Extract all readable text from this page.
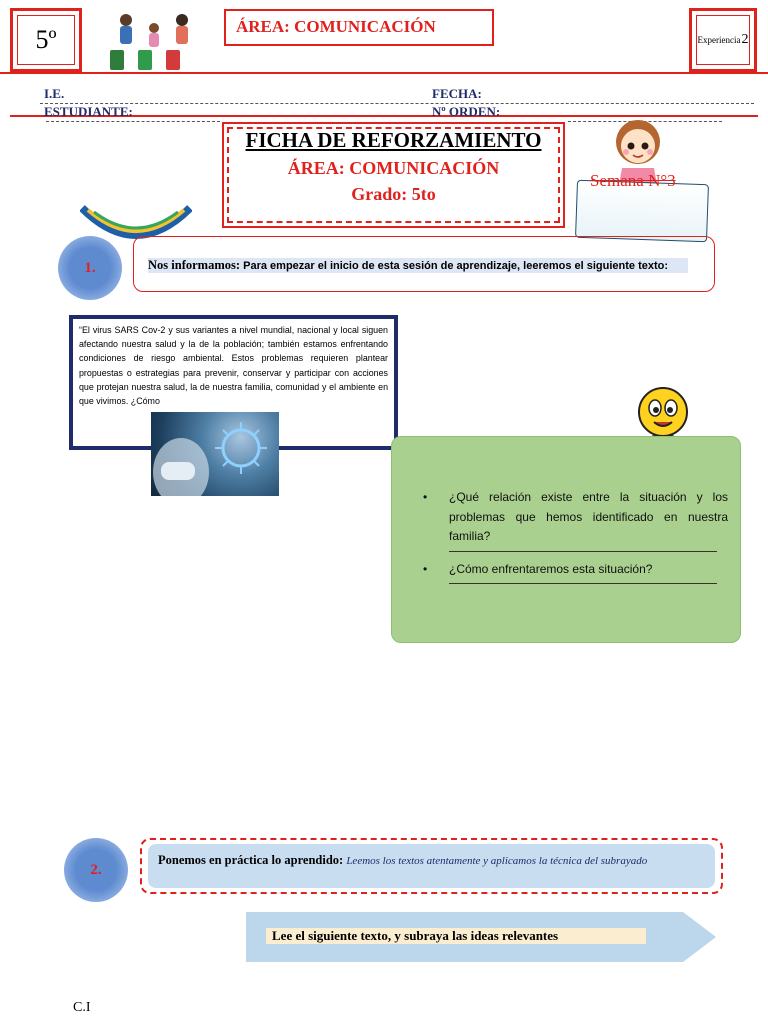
5º	ÁREA: COMUNICACIÓN
Experiencia 2
I.E.	FECHA:
ESTUDIANTE:	Nº ORDEN:
FICHA DE REFORZAMIENTO
ÁREA: COMUNICACIÓN
Grado: 5to
Semana N°3
1.	Nos informamos: Para empezar el inicio de esta sesión de aprendizaje, leeremos el siguiente texto:
“El virus SARS Cov-2 y sus variantes a nivel mundial, nacional y local siguen afectando nuestra salud y la de la población; también estamos enfrentando condiciones de riesgo ambiental. Estos problemas requieren plantear propuestas o estrategias para prevenir, conservar y participar con acciones que protejan nuestra salud, la de nuestra familia, comunidad y el ambiente en que vivimos. ¿Cómo
• ¿Qué relación existe entre la situación y los problemas que hemos identificado en nuestra familia?
• ¿Cómo enfrentaremos esta situación?
2.
Ponemos en práctica lo aprendido: Leemos los textos atentamente y aplicamos la técnica del subrayado
Lee el siguiente texto, y subraya las ideas relevantes
C.I
